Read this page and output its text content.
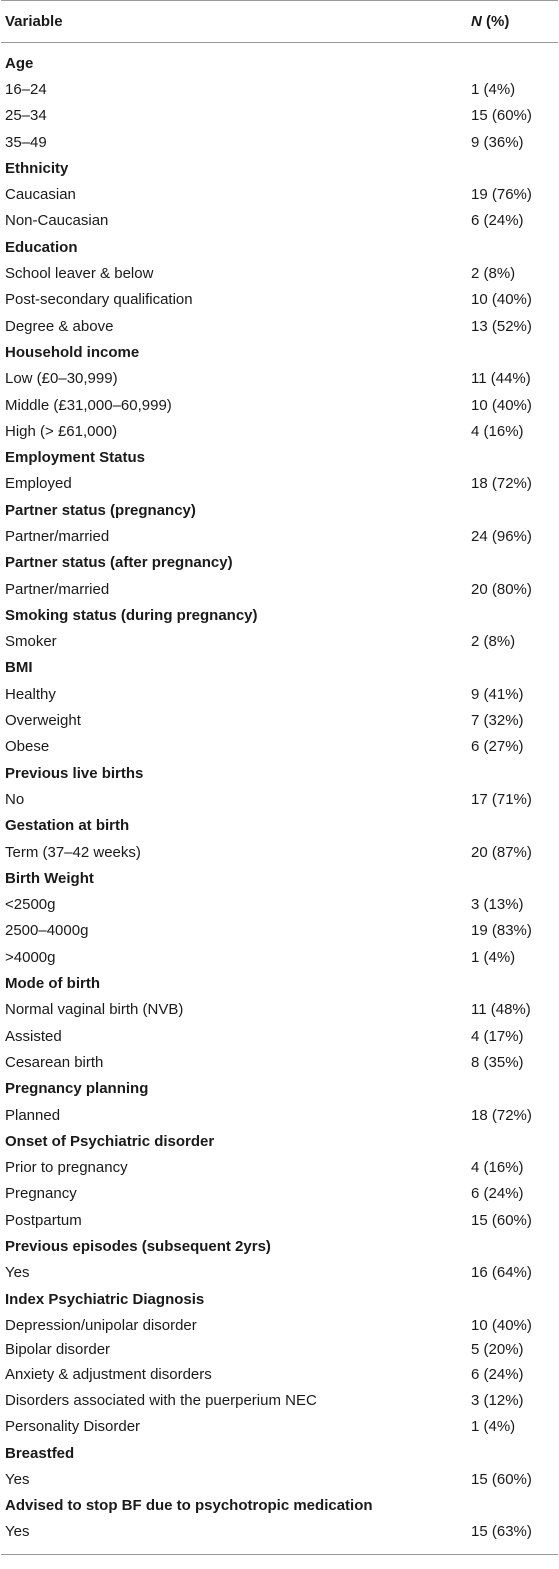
Variable	N (%)
Age
16–24	1 (4%)
25–34	15 (60%)
35–49	9 (36%)
Ethnicity
Caucasian	19 (76%)
Non-Caucasian	6 (24%)
Education
School leaver & below	2 (8%)
Post-secondary qualification	10 (40%)
Degree & above	13 (52%)
Household income
Low (£0–30,999)	11 (44%)
Middle (£31,000–60,999)	10 (40%)
High (> £61,000)	4 (16%)
Employment Status
Employed	18 (72%)
Partner status (pregnancy)
Partner/married	24 (96%)
Partner status (after pregnancy)
Partner/married	20 (80%)
Smoking status (during pregnancy)
Smoker	2 (8%)
BMI
Healthy	9 (41%)
Overweight	7 (32%)
Obese	6 (27%)
Previous live births
No	17 (71%)
Gestation at birth
Term (37–42 weeks)	20 (87%)
Birth Weight
<2500g	3 (13%)
2500–4000g	19 (83%)
>4000g	1 (4%)
Mode of birth
Normal vaginal birth (NVB)	11 (48%)
Assisted	4 (17%)
Cesarean birth	8 (35%)
Pregnancy planning
Planned	18 (72%)
Onset of Psychiatric disorder
Prior to pregnancy	4 (16%)
Pregnancy	6 (24%)
Postpartum	15 (60%)
Previous episodes (subsequent 2yrs)
Yes	16 (64%)
Index Psychiatric Diagnosis
Depression/unipolar disorder	10 (40%)
Bipolar disorder	5 (20%)
Anxiety & adjustment disorders	6 (24%)
Disorders associated with the puerperium NEC	3 (12%)
Personality Disorder	1 (4%)
Breastfed
Yes	15 (60%)
Advised to stop BF due to psychotropic medication
Yes	15 (63%)
